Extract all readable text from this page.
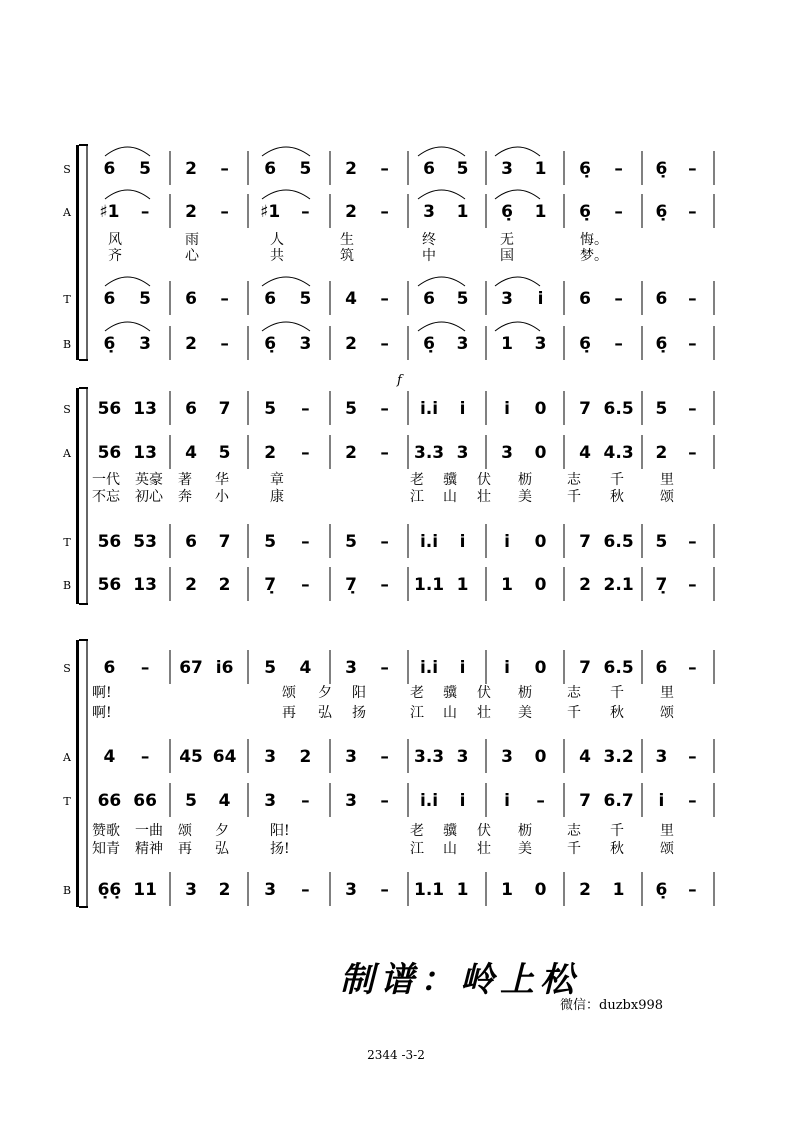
S 6 5 2 – 6 5 2 – 6 5 3 1 6̣ – 6̣ –
A ♯1 – 2 – ♯1 – 2 – 3 1 6̣ 1 6̣ – 6̣ –
T 6 5 6 – 6 5 4 – 6 5 3 i 6 – 6 –
B 6̣ 3 2 – 6̣ 3 2 – 6̣ 3 1 3 6̣ – 6̣ –
风	雨	人	生	终	无	悔。
齐	心	共	筑	中	国	梦。
S 56 13 6 7 5 – 5 – i.i i i 0 7 6.5 5 –
A 56 13 4 5 2 – 2 – 3.3 3 3 0 4 4.3 2 –
T 56 53 6 7 5 – 5 – i.i i i 0 7 6.5 5 –
B 56 13 2 2 7̣ – 7̣ – 1.1 1 1 0 2 2.1 7̣ –
f
一代 英豪 著 华	章	老 骥 伏 枥	志 千	里
不忘 初心 奔 小	康	江 山 壮 美	千 秋	颂
S 6 – 67 i6 5 4 3 – i.i i i 0 7 6.5 6 –
A 4 – 45 64 3 2 3 – 3.3 3 3 0 4 3.2 3 –
T 66 66 5 4 3 – 3 – i.i i i – 7 6.7 i –
B 6̣6̣ 11 3 2 3 – 3 – 1.1 1 1 0 2 1 6̣ –
啊!	颂 夕 阳	老 骥 伏 枥	志 千	里
啊!	再 弘 扬	江 山 壮 美	千 秋	颂
赞歌 一曲 颂 夕	阳!	老 骥 伏 枥	志 千	里
知青 精神 再 弘	扬!	江 山 壮 美	千 秋	颂
制谱：岭上松
微信：duzbx998
2344 -3-2
